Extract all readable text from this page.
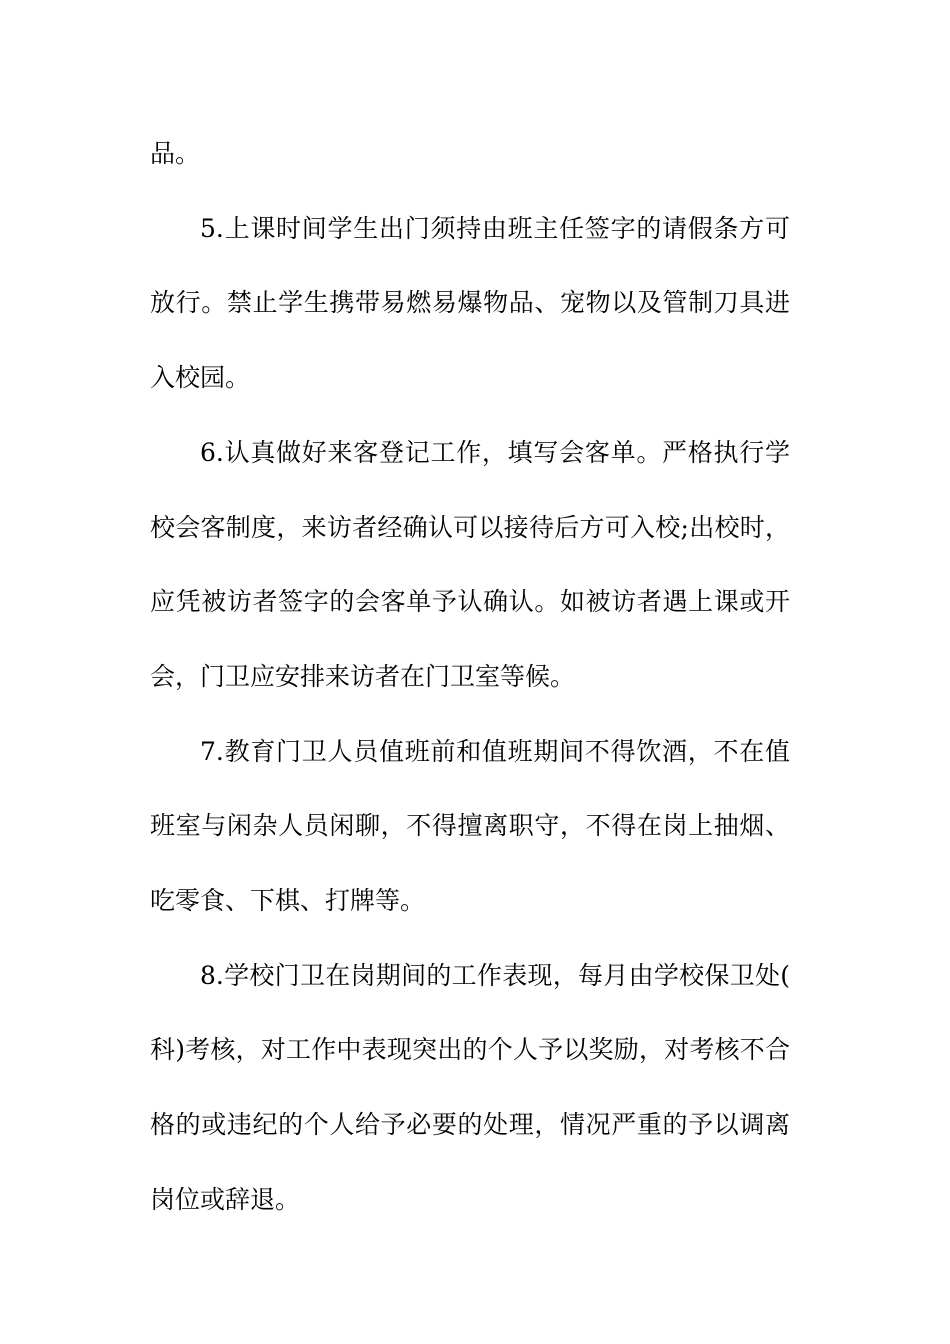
品。

5.上课时间学生出门须持由班主任签字的请假条方可放行。禁止学生携带易燃易爆物品、宠物以及管制刀具进入校园。

6.认真做好来客登记工作，填写会客单。严格执行学校会客制度，来访者经确认可以接待后方可入校;出校时，应凭被访者签字的会客单予认确认。如被访者遇上课或开会，门卫应安排来访者在门卫室等候。

7.教育门卫人员值班前和值班期间不得饮酒，不在值班室与闲杂人员闲聊，不得擅离职守，不得在岗上抽烟、吃零食、下棋、打牌等。

8.学校门卫在岗期间的工作表现，每月由学校保卫处(科)考核，对工作中表现突出的个人予以奖励，对考核不合格的或违纪的个人给予必要的处理，情况严重的予以调离岗位或辞退。
